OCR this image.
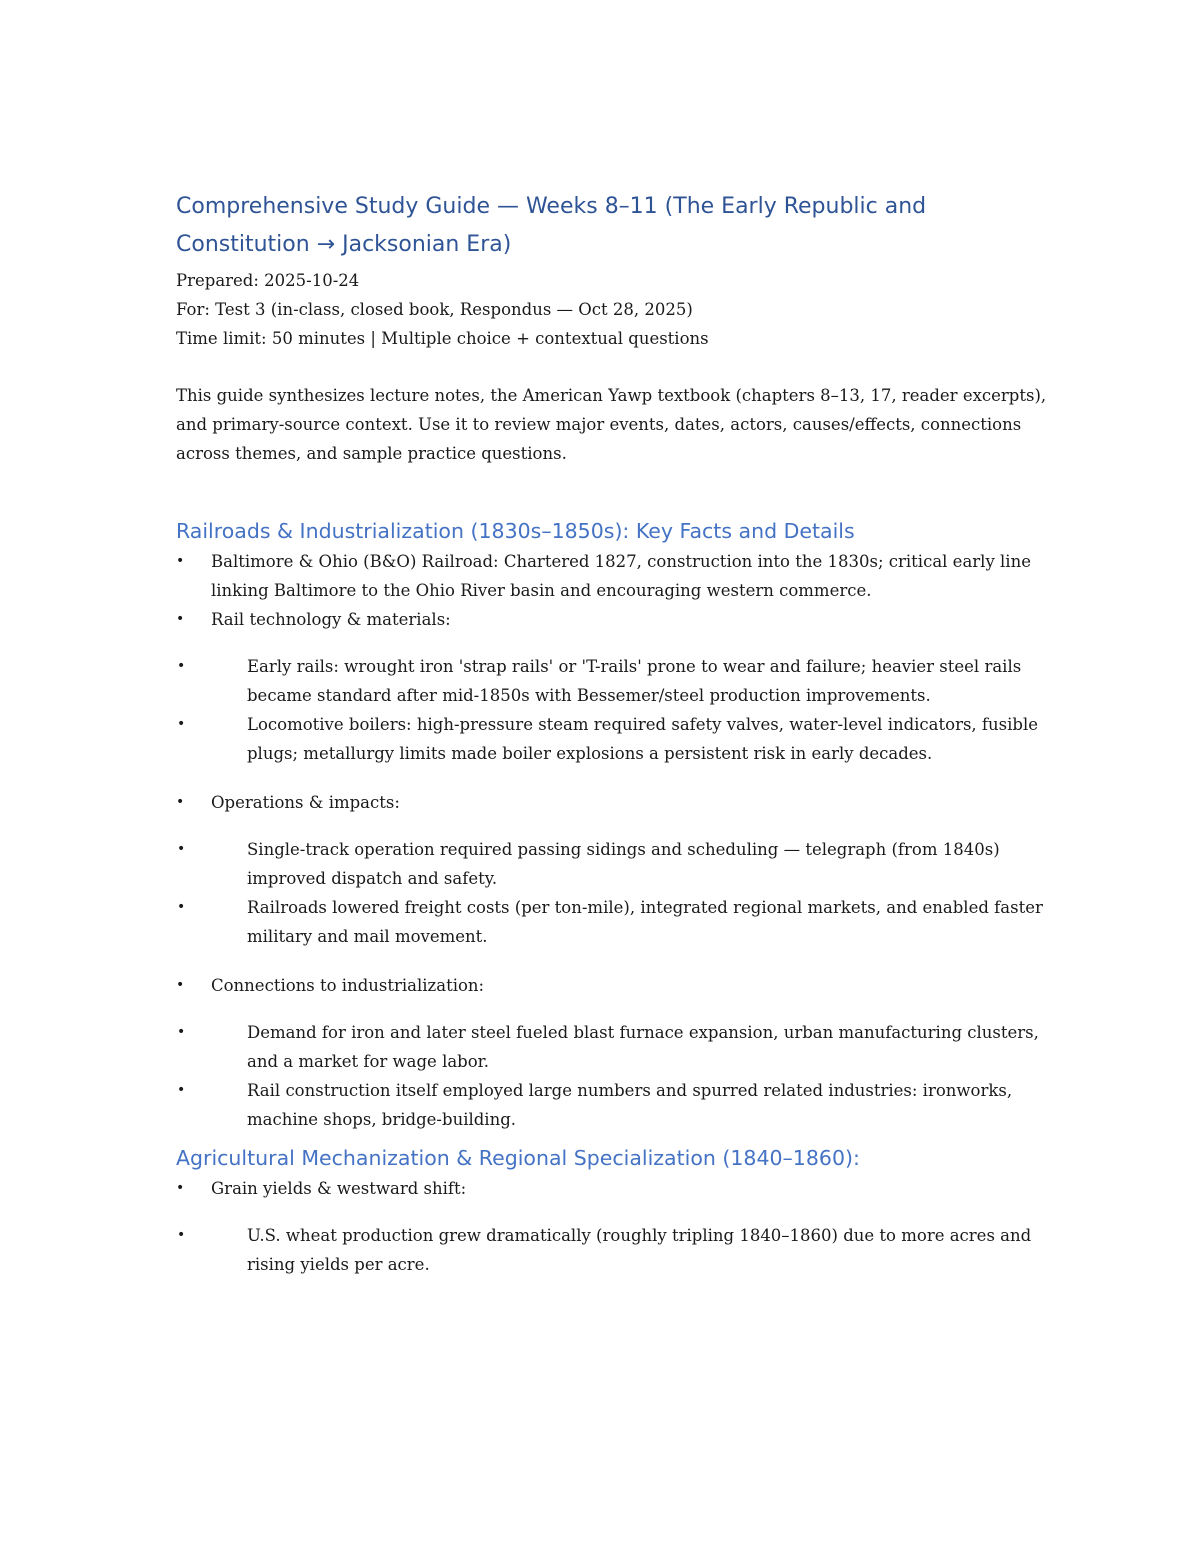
Comprehensive Study Guide — Weeks 8–11 (The Early Republic and
Constitution → Jacksonian Era)
Prepared: 2025-10-24
For: Test 3 (in-class, closed book, Respondus — Oct 28, 2025)
Time limit: 50 minutes | Multiple choice + contextual questions

This guide synthesizes lecture notes, the American Yawp textbook (chapters 8–13, 17, reader excerpts), and primary-source context. Use it to review major events, dates, actors, causes/effects, connections across themes, and sample practice questions.

Railroads & Industrialization (1830s–1850s): Key Facts and Details
• Baltimore & Ohio (B&O) Railroad: Chartered 1827, construction into the 1830s; critical early line linking Baltimore to the Ohio River basin and encouraging western commerce.
• Rail technology & materials:
•	Early rails: wrought iron 'strap rails' or 'T-rails' prone to wear and failure; heavier steel rails became standard after mid-1850s with Bessemer/steel production improvements.
•	Locomotive boilers: high-pressure steam required safety valves, water-level indicators, fusible plugs; metallurgy limits made boiler explosions a persistent risk in early decades.
• Operations & impacts:
•	Single-track operation required passing sidings and scheduling — telegraph (from 1840s) improved dispatch and safety.
•	Railroads lowered freight costs (per ton-mile), integrated regional markets, and enabled faster military and mail movement.
• Connections to industrialization:
•	Demand for iron and later steel fueled blast furnace expansion, urban manufacturing clusters, and a market for wage labor.
•	Rail construction itself employed large numbers and spurred related industries: ironworks, machine shops, bridge-building.
Agricultural Mechanization & Regional Specialization (1840–1860):
• Grain yields & westward shift:
•	U.S. wheat production grew dramatically (roughly tripling 1840–1860) due to more acres and rising yields per acre.
